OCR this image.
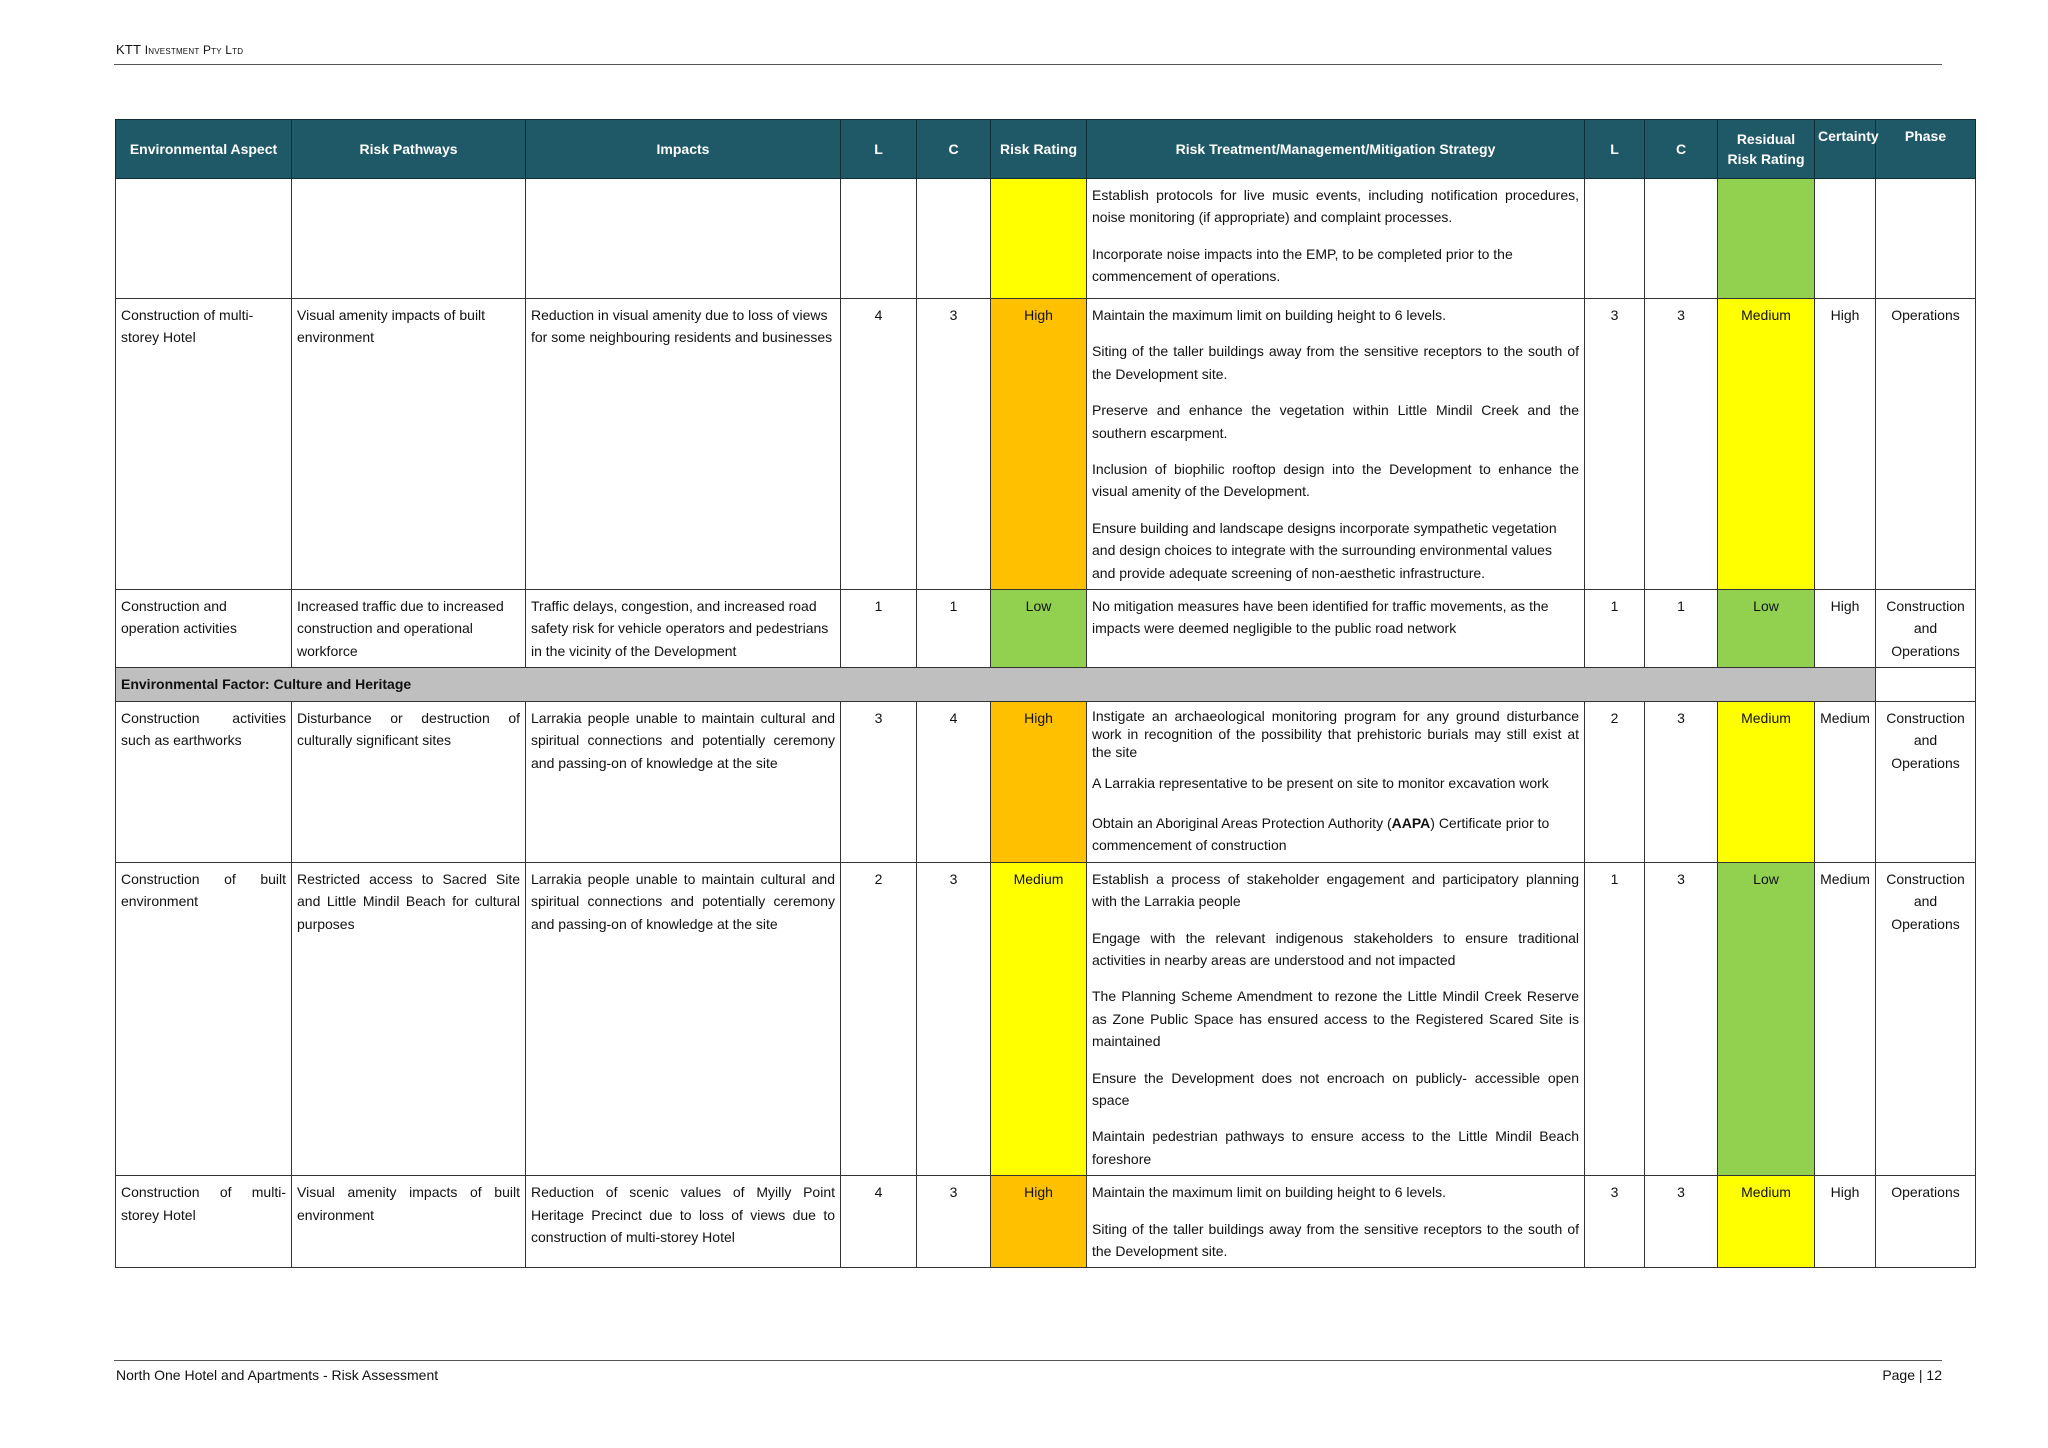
KTT Investment Pty Ltd
Environmental Aspect	Risk Pathways	Impacts	L	C	Risk Rating	Risk Treatment/Management/Mitigation Strategy	L	C	Residual Risk Rating	Certainty	Phase

						Establish protocols for live music events, including notification procedures, noise monitoring (if appropriate) and complaint processes.

Incorporate noise impacts into the EMP, to be completed prior to the commencement of operations.					

Construction of multi-storey Hotel	Visual amenity impacts of built environment	Reduction in visual amenity due to loss of views for some neighbouring residents and businesses	4	3	High	Maintain the maximum limit on building height to 6 levels.

Siting of the taller buildings away from the sensitive receptors to the south of the Development site.

Preserve and enhance the vegetation within Little Mindil Creek and the southern escarpment.

Inclusion of biophilic rooftop design into the Development to enhance the visual amenity of the Development.

Ensure building and landscape designs incorporate sympathetic vegetation and design choices to integrate with the surrounding environmental values and provide adequate screening of non-aesthetic infrastructure.	3	3	Medium	High	Operations
Construction and operation activities	Increased traffic due to increased construction and operational workforce	Traffic delays, congestion, and increased road safety risk for vehicle operators and pedestrians in the vicinity of the Development	1	1	Low	No mitigation measures have been identified for traffic movements, as the impacts were deemed negligible to the public road network	1	1	Low	High	Construction and Operations
Environmental Factor: Culture and Heritage											
Construction activities such as earthworks	Disturbance or destruction of culturally significant sites	Larrakia people unable to maintain cultural and spiritual connections and potentially ceremony and passing-on of knowledge at the site	3	4	High	Instigate an archaeological monitoring program for any ground disturbance work in recognition of the possibility that prehistoric burials may still exist at the site

A Larrakia representative to be present on site to monitor excavation work

Obtain an Aboriginal Areas Protection Authority (AAPA) Certificate prior to commencement of construction	2	3	Medium	Medium	Construction and Operations
Construction of built environment	Restricted access to Sacred Site and Little Mindil Beach for cultural purposes	Larrakia people unable to maintain cultural and spiritual connections and potentially ceremony and passing-on of knowledge at the site	2	3	Medium	Establish a process of stakeholder engagement and participatory planning with the Larrakia people

Engage with the relevant indigenous stakeholders to ensure traditional activities in nearby areas are understood and not impacted

The Planning Scheme Amendment to rezone the Little Mindil Creek Reserve as Zone Public Space has ensured access to the Registered Scared Site is maintained

Ensure the Development does not encroach on publicly- accessible open space

Maintain pedestrian pathways to ensure access to the Little Mindil Beach foreshore	1	3	Low	Medium	Construction and Operations
Construction of multi-storey Hotel	Visual amenity impacts of built environment	Reduction of scenic values of Myilly Point Heritage Precinct due to loss of views due to construction of multi-storey Hotel	4	3	High	Maintain the maximum limit on building height to 6 levels.

Siting of the taller buildings away from the sensitive receptors to the south of the Development site.	3	3	Medium	High	Operations
North One Hotel and Apartments - Risk Assessment	Page | 12
